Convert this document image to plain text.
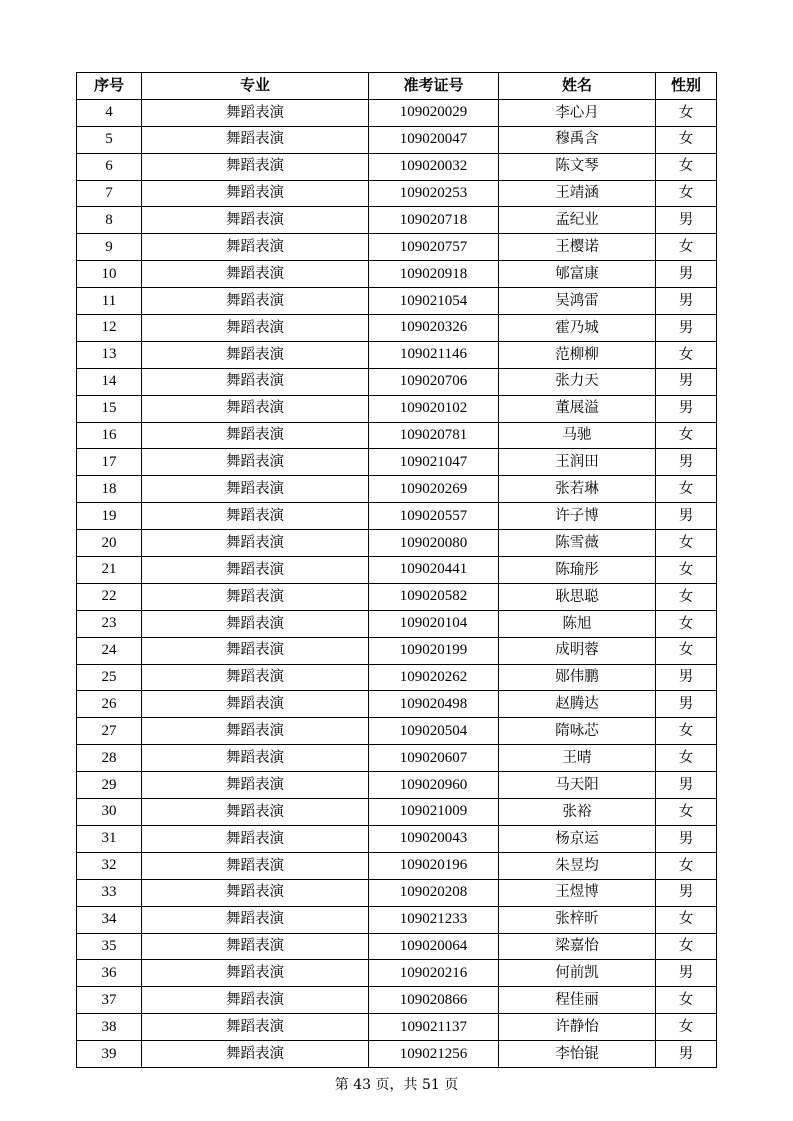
序号	专业	准考证号	姓名	性别
4	舞蹈表演	109020029	李心月	女
5	舞蹈表演	109020047	穆禹含	女
6	舞蹈表演	109020032	陈文琴	女
7	舞蹈表演	109020253	王靖涵	女
8	舞蹈表演	109020718	孟纪业	男
9	舞蹈表演	109020757	王樱诺	女
10	舞蹈表演	109020918	郇富康	男
11	舞蹈表演	109021054	吴鸿雷	男
12	舞蹈表演	109020326	霍乃城	男
13	舞蹈表演	109021146	范柳柳	女
14	舞蹈表演	109020706	张力天	男
15	舞蹈表演	109020102	董展溢	男
16	舞蹈表演	109020781	马驰	女
17	舞蹈表演	109021047	王润田	男
18	舞蹈表演	109020269	张若琳	女
19	舞蹈表演	109020557	许子博	男
20	舞蹈表演	109020080	陈雪薇	女
21	舞蹈表演	109020441	陈瑜彤	女
22	舞蹈表演	109020582	耿思聪	女
23	舞蹈表演	109020104	陈旭	女
24	舞蹈表演	109020199	成明蓉	女
25	舞蹈表演	109020262	郧伟鹏	男
26	舞蹈表演	109020498	赵腾达	男
27	舞蹈表演	109020504	隋咏芯	女
28	舞蹈表演	109020607	王晴	女
29	舞蹈表演	109020960	马天阳	男
30	舞蹈表演	109021009	张裕	女
31	舞蹈表演	109020043	杨京运	男
32	舞蹈表演	109020196	朱昱均	女
33	舞蹈表演	109020208	王煜博	男
34	舞蹈表演	109021233	张梓昕	女
35	舞蹈表演	109020064	梁嘉怡	女
36	舞蹈表演	109020216	何前凯	男
37	舞蹈表演	109020866	程佳丽	女
38	舞蹈表演	109021137	许静怡	女
39	舞蹈表演	109021256	李怡锟	男
第 43 页，共 51 页
